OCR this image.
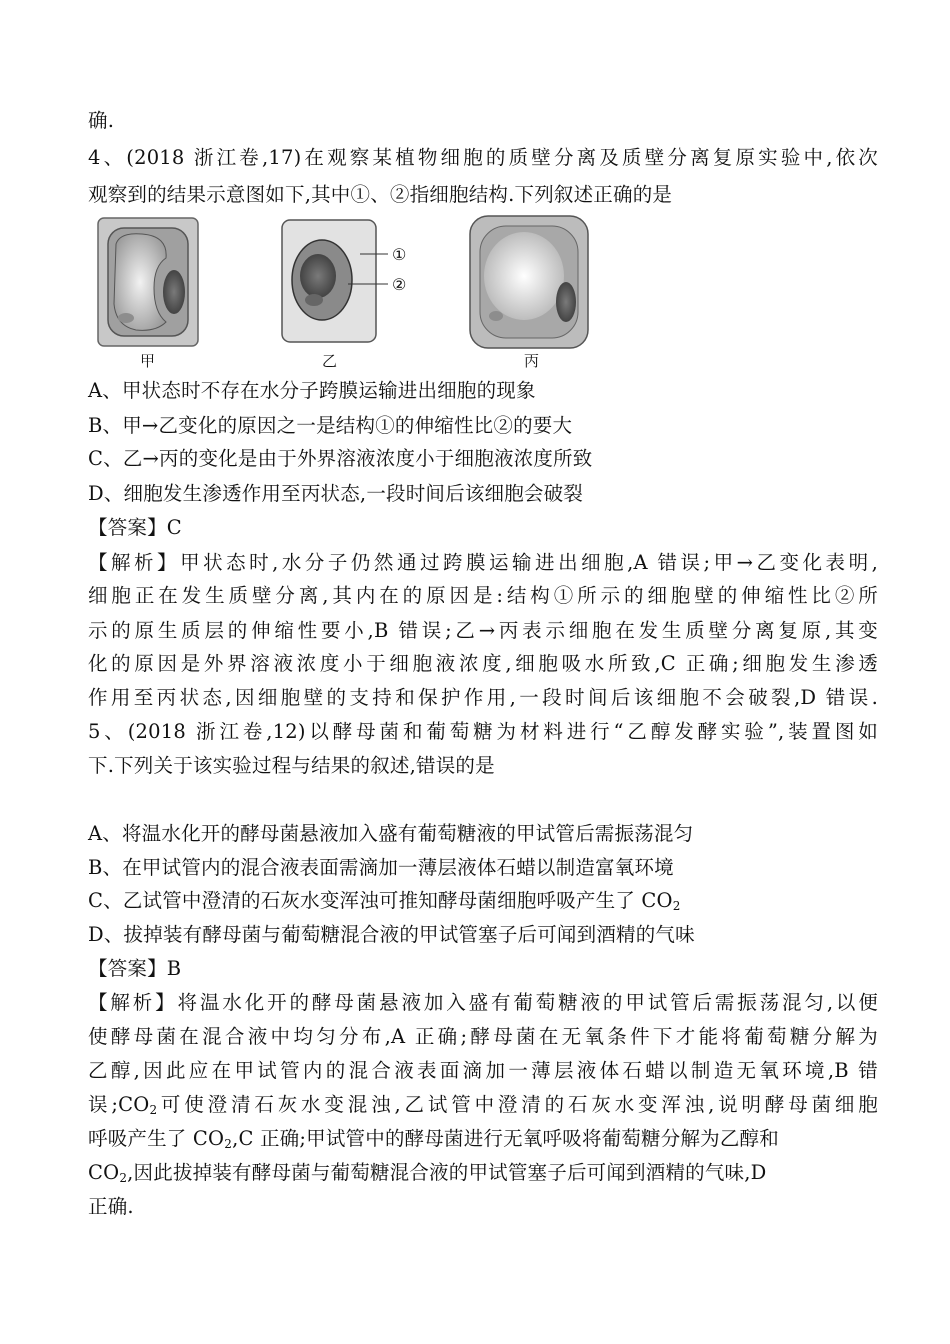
确.
4、(2018 浙江卷,17)在观察某植物细胞的质壁分离及质壁分离复原实验中,依次
观察到的结果示意图如下,其中①、②指细胞结构.下列叙述正确的是
①
②
甲	乙	丙
A、甲状态时不存在水分子跨膜运输进出细胞的现象
B、甲→乙变化的原因之一是结构①的伸缩性比②的要大
C、乙→丙的变化是由于外界溶液浓度小于细胞液浓度所致
D、细胞发生渗透作用至丙状态,一段时间后该细胞会破裂
【答案】C
【解析】甲状态时,水分子仍然通过跨膜运输进出细胞,A 错误;甲→乙变化表明,
细胞正在发生质壁分离,其内在的原因是:结构①所示的细胞壁的伸缩性比②所
示的原生质层的伸缩性要小,B 错误;乙→丙表示细胞在发生质壁分离复原,其变
化的原因是外界溶液浓度小于细胞液浓度,细胞吸水所致,C 正确;细胞发生渗透
作用至丙状态,因细胞壁的支持和保护作用,一段时间后该细胞不会破裂,D 错误.
5、(2018 浙江卷,12)以酵母菌和葡萄糖为材料进行“乙醇发酵实验”,装置图如
下.下列关于该实验过程与结果的叙述,错误的是
A、将温水化开的酵母菌悬液加入盛有葡萄糖液的甲试管后需振荡混匀
B、在甲试管内的混合液表面需滴加一薄层液体石蜡以制造富氧环境
C、乙试管中澄清的石灰水变浑浊可推知酵母菌细胞呼吸产生了 $CO_2$
D、拔掉装有酵母菌与葡萄糖混合液的甲试管塞子后可闻到酒精的气味
【答案】B
【解析】将温水化开的酵母菌悬液加入盛有葡萄糖液的甲试管后需振荡混匀,以便
使酵母菌在混合液中均匀分布,A 正确;酵母菌在无氧条件下才能将葡萄糖分解为
乙醇,因此应在甲试管内的混合液表面滴加一薄层液体石蜡以制造无氧环境,B 错
误$;CO_2$可使澄清石灰水变混浊,乙试管中澄清的石灰水变浑浊,说明酵母菌细胞
呼吸产生了 $CO_2,C$ 正确;甲试管中的酵母菌进行无氧呼吸将葡萄糖分解为乙醇和
$CO_2$,因此拔掉装有酵母菌与葡萄糖混合液的甲试管塞子后可闻到酒精的气味,D
正确.
